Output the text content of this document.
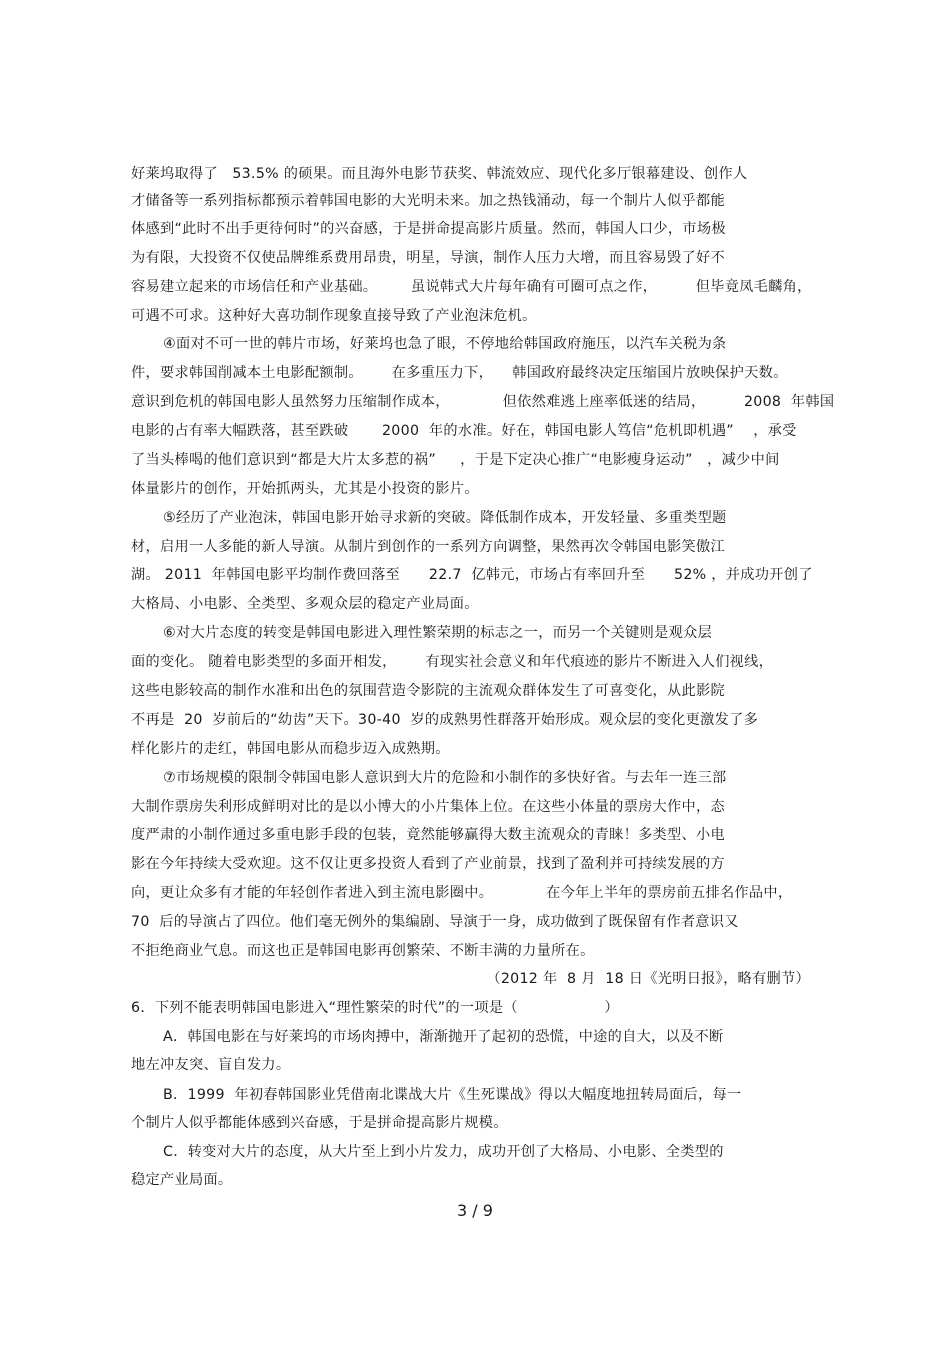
好莱坞取得了   53.5% 的硕果。而且海外电影节获奖、韩流效应、现代化多厅银幕建设、创作人
才储备等一系列指标都预示着韩国电影的大光明未来。加之热钱涌动，每一个制片人似乎都能
体感到“此时不出手更待何时”的兴奋感，于是拼命提高影片质量。然而，韩国人口少，市场极
为有限，大投资不仅使品牌维系费用昂贵，明星，导演，制作人压力大增，而且容易毁了好不
容易建立起来的市场信任和产业基础。       虽说韩式大片每年确有可圈可点之作，        但毕竟凤毛麟角，
可遇不可求。这种好大喜功制作现象直接导致了产业泡沫危机。
④面对不可一世的韩片市场，好莱坞也急了眼，不停地给韩国政府施压，以汽车关税为条
件，要求韩国削减本土电影配额制。      在多重压力下，    韩国政府最终决定压缩国片放映保护天数。
意识到危机的韩国电影人虽然努力压缩制作成本，           但依然难逃上座率低迷的结局，        2008  年韩国
电影的占有率大幅跌落，甚至跌破       2000  年的水准。好在，韩国电影人笃信“危机即机遇”    ，承受
了当头棒喝的他们意识到“都是大片太多惹的祸”     ，于是下定决心推广“电影瘦身运动”   ，减少中间
体量影片的创作，开始抓两头，尤其是小投资的影片。
⑤经历了产业泡沫，韩国电影开始寻求新的突破。降低制作成本，开发轻量、多重类型题
材，启用一人多能的新人导演。从制片到创作的一系列方向调整，果然再次令韩国电影笑傲江
湖。 2011  年韩国电影平均制作费回落至      22.7  亿韩元，市场占有率回升至      52% ，并成功开创了
大格局、小电影、全类型、多观众层的稳定产业局面。
⑥对大片态度的转变是韩国电影进入理性繁荣期的标志之一，而另一个关键则是观众层
面的变化。 随着电影类型的多面开相发，      有现实社会意义和年代痕迹的影片不断进入人们视线，
这些电影较高的制作水准和出色的氛围营造令影院的主流观众群体发生了可喜变化，从此影院
不再是  20  岁前后的“幼齿”天下。30-40  岁的成熟男性群落开始形成。观众层的变化更激发了多
样化影片的走红，韩国电影从而稳步迈入成熟期。
⑦市场规模的限制令韩国电影人意识到大片的危险和小制作的多快好省。与去年一连三部
大制作票房失利形成鲜明对比的是以小博大的小片集体上位。在这些小体量的票房大作中，态
度严肃的小制作通过多重电影手段的包装，竟然能够赢得大数主流观众的青睐！多类型、小电
影在今年持续大受欢迎。这不仅让更多投资人看到了产业前景，找到了盈利并可持续发展的方
向，更让众多有才能的年轻创作者进入到主流电影圈中。           在今年上半年的票房前五排名作品中，
70  后的导演占了四位。他们毫无例外的集编剧、导演于一身，成功做到了既保留有作者意识又
不拒绝商业气息。而这也正是韩国电影再创繁荣、不断丰满的力量所在。
（2012 年  8 月  18 日《光明日报》，略有删节）
6．下列不能表明韩国电影进入“理性繁荣的时代”的一项是（                  ）
A．韩国电影在与好莱坞的市场肉搏中，渐渐抛开了起初的恐慌，中途的自大，以及不断
地左冲友突、盲自发力。
B．1999  年初春韩国影业凭借南北谍战大片《生死谍战》得以大幅度地扭转局面后，每一
个制片人似乎都能体感到兴奋感，于是拼命提高影片规模。
C．转变对大片的态度，从大片至上到小片发力，成功开创了大格局、小电影、全类型的
稳定产业局面。
3 / 9
